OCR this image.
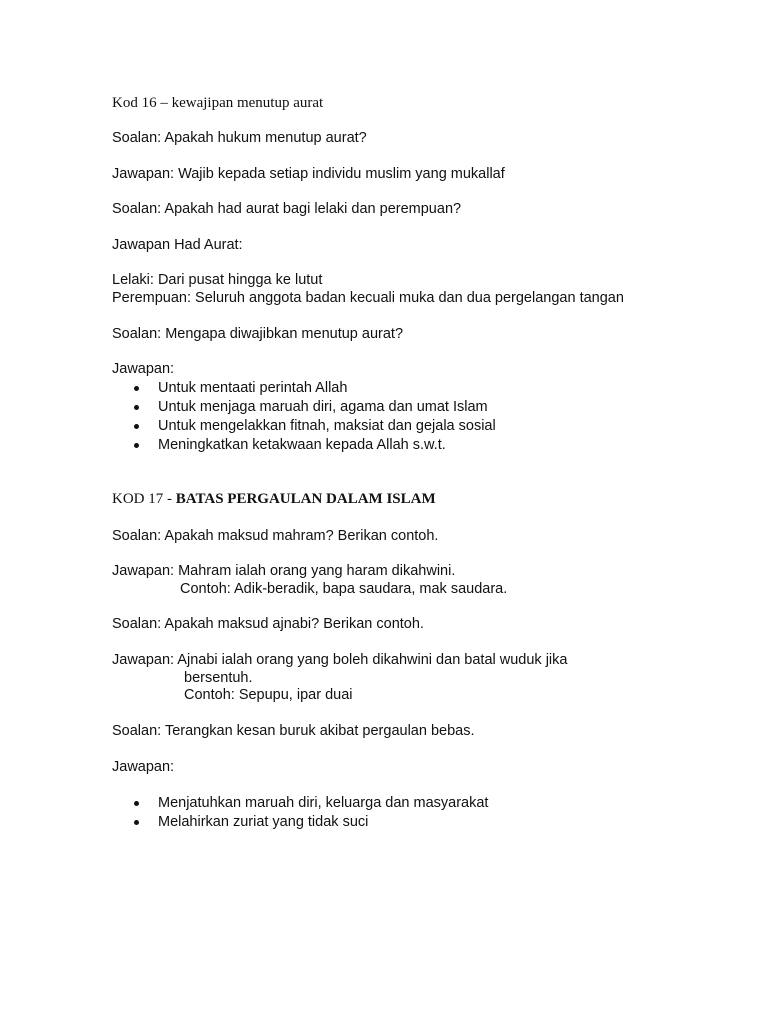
Kod 16 – kewajipan menutup aurat
Soalan: Apakah hukum menutup aurat?
Jawapan: Wajib kepada setiap individu muslim yang mukallaf
Soalan: Apakah had aurat bagi lelaki dan perempuan?
Jawapan Had Aurat:
Lelaki: Dari pusat hingga ke lutut
Perempuan: Seluruh anggota badan kecuali muka dan dua pergelangan tangan
Soalan: Mengapa diwajibkan menutup aurat?
Jawapan:
Untuk mentaati perintah Allah
Untuk menjaga maruah diri, agama dan umat Islam
Untuk mengelakkan fitnah, maksiat dan gejala sosial
Meningkatkan ketakwaan kepada Allah s.w.t.
KOD 17 - BATAS PERGAULAN DALAM ISLAM
Soalan: Apakah maksud mahram? Berikan contoh.
Jawapan: Mahram ialah orang yang haram dikahwini.
Contoh: Adik-beradik, bapa saudara, mak saudara.
Soalan: Apakah maksud ajnabi? Berikan contoh.
Jawapan: Ajnabi ialah orang yang boleh dikahwini dan batal wuduk jika
bersentuh.
Contoh: Sepupu, ipar duai
Soalan: Terangkan kesan buruk akibat pergaulan bebas.
Jawapan:
Menjatuhkan maruah diri, keluarga dan masyarakat
Melahirkan zuriat yang tidak suci
